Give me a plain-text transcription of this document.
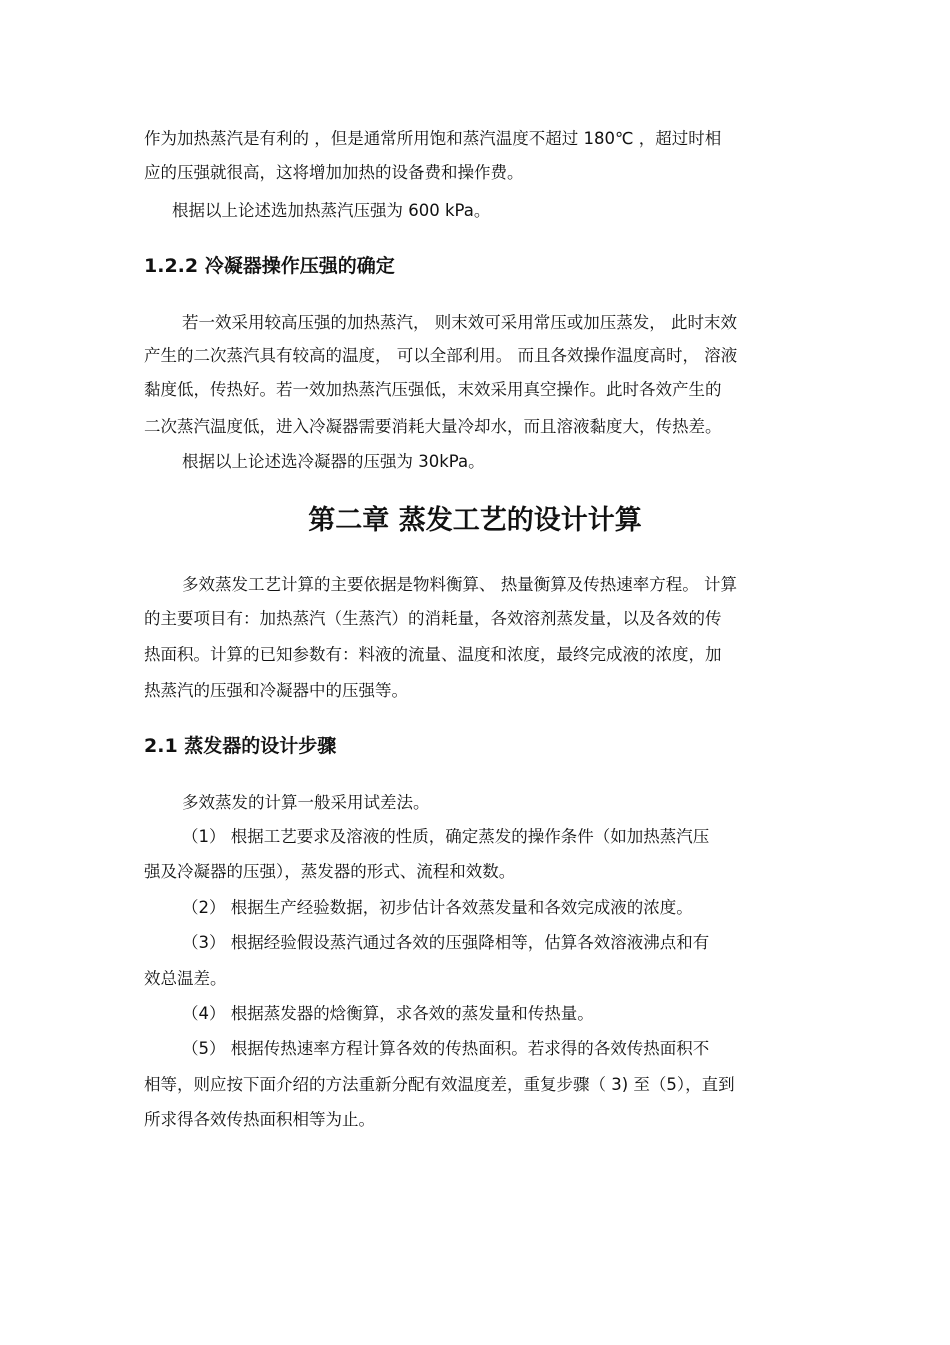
作为加热蒸汽是有利的 ，但是通常所用饱和蒸汽温度不超过 180℃ ，超过时相

应的压强就很高，这将增加加热的设备费和操作费。

根据以上论述选加热蒸汽压强为 600 kPa。

1.2.2 冷凝器操作压强的确定

若一效采用较高压强的加热蒸汽， 则末效可采用常压或加压蒸发， 此时末效

产生的二次蒸汽具有较高的温度， 可以全部利用。 而且各效操作温度高时， 溶液

黏度低，传热好。若一效加热蒸汽压强低，末效采用真空操作。此时各效产生的

二次蒸汽温度低，进入冷凝器需要消耗大量冷却水，而且溶液黏度大，传热差。

根据以上论述选冷凝器的压强为 30kPa。

第二章 蒸发工艺的设计计算

多效蒸发工艺计算的主要依据是物料衡算、 热量衡算及传热速率方程。 计算

的主要项目有：加热蒸汽（生蒸汽）的消耗量，各效溶剂蒸发量，以及各效的传

热面积。计算的已知参数有：料液的流量、温度和浓度，最终完成液的浓度，加

热蒸汽的压强和冷凝器中的压强等。

2.1 蒸发器的设计步骤

多效蒸发的计算一般采用试差法。

（1） 根据工艺要求及溶液的性质，确定蒸发的操作条件（如加热蒸汽压

强及冷凝器的压强），蒸发器的形式、流程和效数。

（2） 根据生产经验数据，初步估计各效蒸发量和各效完成液的浓度。

（3） 根据经验假设蒸汽通过各效的压强降相等，估算各效溶液沸点和有

效总温差。

（4） 根据蒸发器的焓衡算，求各效的蒸发量和传热量。

（5） 根据传热速率方程计算各效的传热面积。若求得的各效传热面积不

相等，则应按下面介绍的方法重新分配有效温度差，重复步骤（ 3) 至（5），直到

所求得各效传热面积相等为止。
